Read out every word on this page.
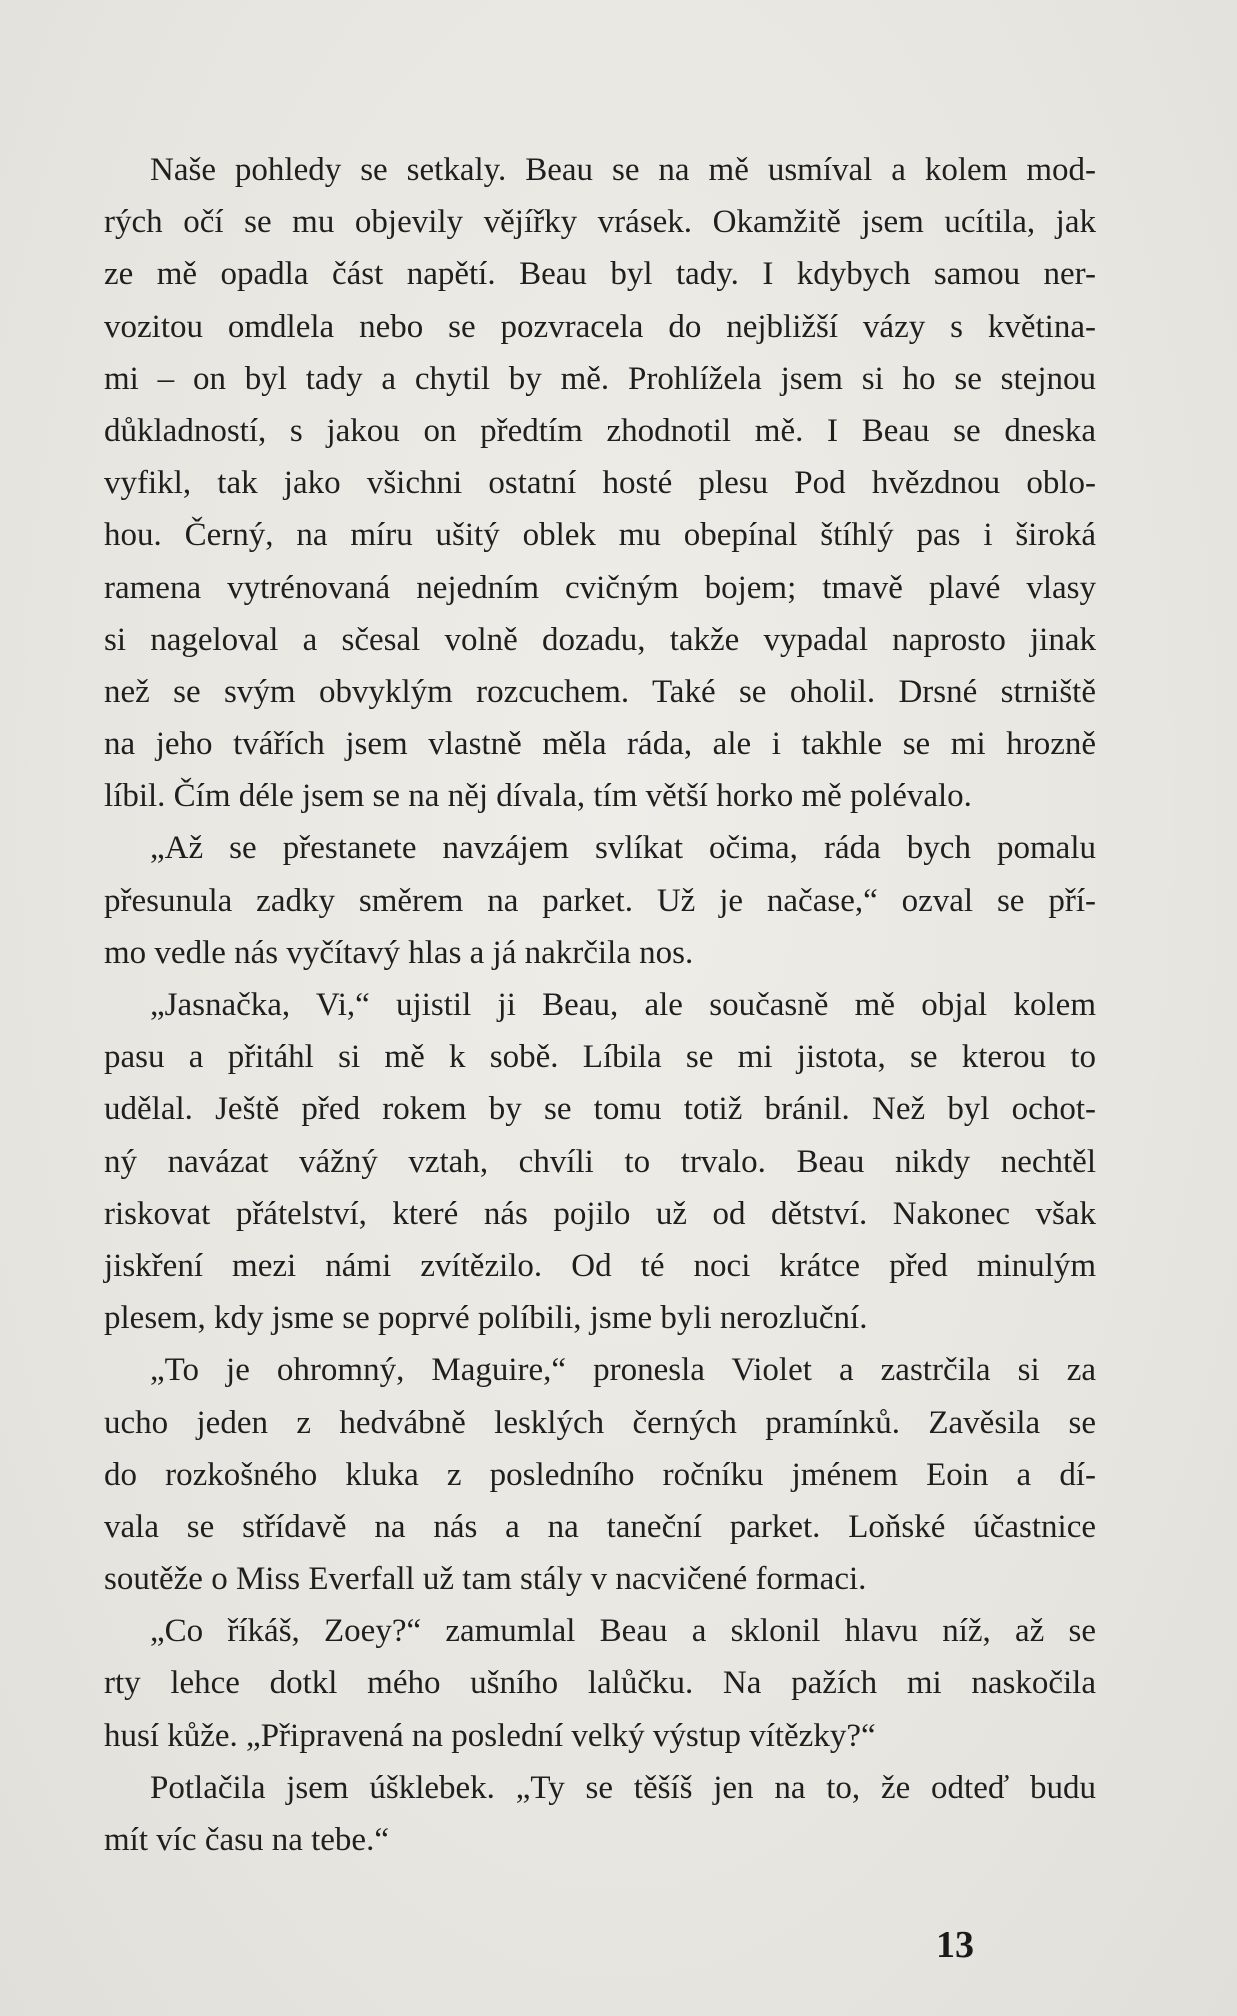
Naše pohledy se setkaly. Beau se na mě usmíval a kolem mod-
rých očí se mu objevily vějířky vrásek. Okamžitě jsem ucítila, jak
ze mě opadla část napětí. Beau byl tady. I kdybych samou ner-
vozitou omdlela nebo se pozvracela do nejbližší vázy s květina-
mi – on byl tady a chytil by mě. Prohlížela jsem si ho se stejnou
důkladností, s jakou on předtím zhodnotil mě. I Beau se dneska
vyfikl, tak jako všichni ostatní hosté plesu Pod hvězdnou oblo-
hou. Černý, na míru ušitý oblek mu obepínal štíhlý pas i široká
ramena vytrénovaná nejedním cvičným bojem; tmavě plavé vlasy
si nageloval a sčesal volně dozadu, takže vypadal naprosto jinak
než se svým obvyklým rozcuchem. Také se oholil. Drsné strniště
na jeho tvářích jsem vlastně měla ráda, ale i takhle se mi hrozně
líbil. Čím déle jsem se na něj dívala, tím větší horko mě polévalo.
„Až se přestanete navzájem svlíkat očima, ráda bych pomalu
přesunula zadky směrem na parket. Už je načase,“ ozval se pří-
mo vedle nás vyčítavý hlas a já nakrčila nos.
„Jasnačka, Vi,“ ujistil ji Beau, ale současně mě objal kolem
pasu a přitáhl si mě k sobě. Líbila se mi jistota, se kterou to
udělal. Ještě před rokem by se tomu totiž bránil. Než byl ochot-
ný navázat vážný vztah, chvíli to trvalo. Beau nikdy nechtěl
riskovat přátelství, které nás pojilo už od dětství. Nakonec však
jiskření mezi námi zvítězilo. Od té noci krátce před minulým
plesem, kdy jsme se poprvé políbili, jsme byli nerozluční.
„To je ohromný, Maguire,“ pronesla Violet a zastrčila si za
ucho jeden z hedvábně lesklých černých pramínků. Zavěsila se
do rozkošného kluka z posledního ročníku jménem Eoin a dí-
vala se střídavě na nás a na taneční parket. Loňské účastnice
soutěže o Miss Everfall už tam stály v nacvičené formaci.
„Co říkáš, Zoey?“ zamumlal Beau a sklonil hlavu níž, až se
rty lehce dotkl mého ušního lalůčku. Na pažích mi naskočila
husí kůže. „Připravená na poslední velký výstup vítězky?“
Potlačila jsem úšklebek. „Ty se těšíš jen na to, že odteď budu
mít víc času na tebe.“
13
